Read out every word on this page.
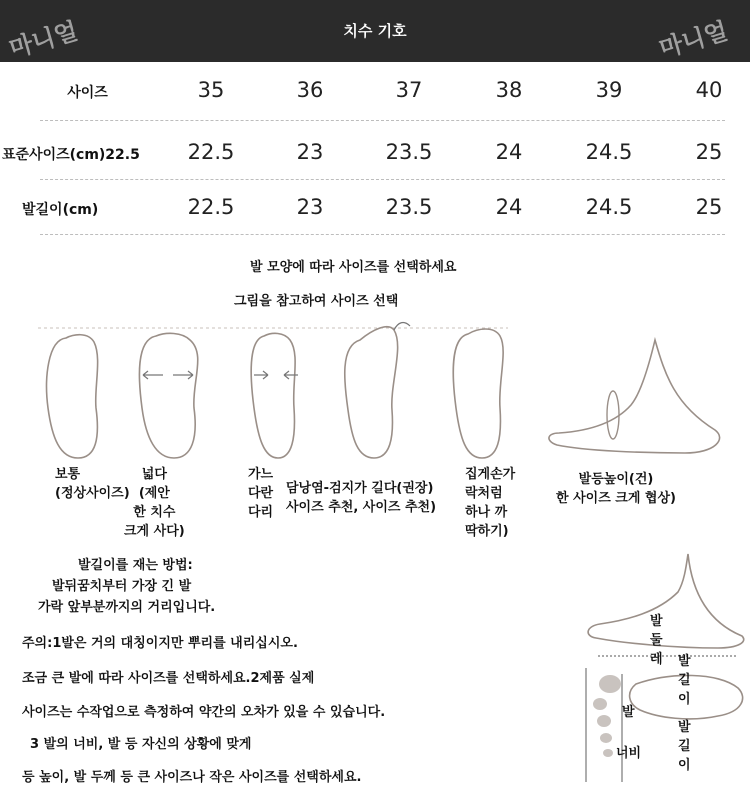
치수 기호
마니얼	마니얼
사이즈	35	36	37	38	39	40
표준사이즈(cm)22.5	22.5	23	23.5	24	24.5	25
발길이(cm)	22.5	23	23.5	24	24.5	25
발 모양에 따라 사이즈를 선택하세요
그림을 참고하여 사이즈 선택
보통
(정상사이즈)
넓다
(제안
한 치수
크게 사다)
가느
다란
다리
담낭염-검지가 길다(권장)
사이즈 추천, 사이즈 추천)
집게손가
락처럼
하나 까
딱하기)
발등높이(건)
한 사이즈 크게 협상)
발길이를 재는 방법:
발뒤꿈치부터 가장 긴 발
가락 앞부분까지의 거리입니다.
주의:1발은 거의 대칭이지만 뿌리를 내리십시오.
조금 큰 발에 따라 사이즈를 선택하세요.2제품 실제
사이즈는 수작업으로 측정하여 약간의 오차가 있을 수 있습니다.
3 발의 너비, 발 등 자신의 상황에 맞게
등 높이, 발 두께 등 큰 사이즈나 작은 사이즈를 선택하세요.
발
둘
레 발
길
이
발
너비
발
길
이
